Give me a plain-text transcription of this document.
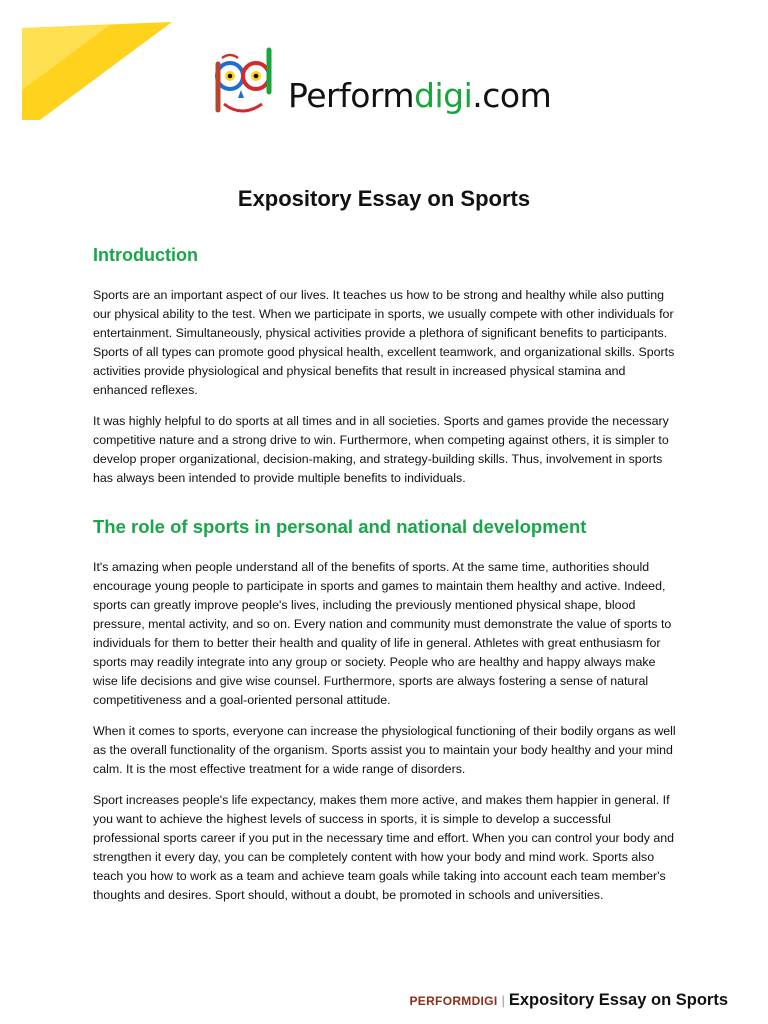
Performdigi.com
Expository Essay on Sports
Introduction

Sports are an important aspect of our lives. It teaches us how to be strong and healthy while also putting our physical ability to the test. When we participate in sports, we usually compete with other individuals for entertainment. Simultaneously, physical activities provide a plethora of significant benefits to participants. Sports of all types can promote good physical health, excellent teamwork, and organizational skills. Sports activities provide physiological and physical benefits that result in increased physical stamina and enhanced reflexes.

It was highly helpful to do sports at all times and in all societies. Sports and games provide the necessary competitive nature and a strong drive to win. Furthermore, when competing against others, it is simpler to develop proper organizational, decision-making, and strategy-building skills. Thus, involvement in sports has always been intended to provide multiple benefits to individuals.

The role of sports in personal and national development

It's amazing when people understand all of the benefits of sports. At the same time, authorities should encourage young people to participate in sports and games to maintain them healthy and active. Indeed, sports can greatly improve people's lives, including the previously mentioned physical shape, blood pressure, mental activity, and so on. Every nation and community must demonstrate the value of sports to individuals for them to better their health and quality of life in general. Athletes with great enthusiasm for sports may readily integrate into any group or society. People who are healthy and happy always make wise life decisions and give wise counsel. Furthermore, sports are always fostering a sense of natural competitiveness and a goal-oriented personal attitude.

When it comes to sports, everyone can increase the physiological functioning of their bodily organs as well as the overall functionality of the organism. Sports assist you to maintain your body healthy and your mind calm. It is the most effective treatment for a wide range of disorders.

Sport increases people's life expectancy, makes them more active, and makes them happier in general. If you want to achieve the highest levels of success in sports, it is simple to develop a successful professional sports career if you put in the necessary time and effort. When you can control your body and strengthen it every day, you can be completely content with how your body and mind work. Sports also teach you how to work as a team and achieve team goals while taking into account each team member's thoughts and desires. Sport should, without a doubt, be promoted in schools and universities.

PERFORMDIGI | Expository Essay on Sports
